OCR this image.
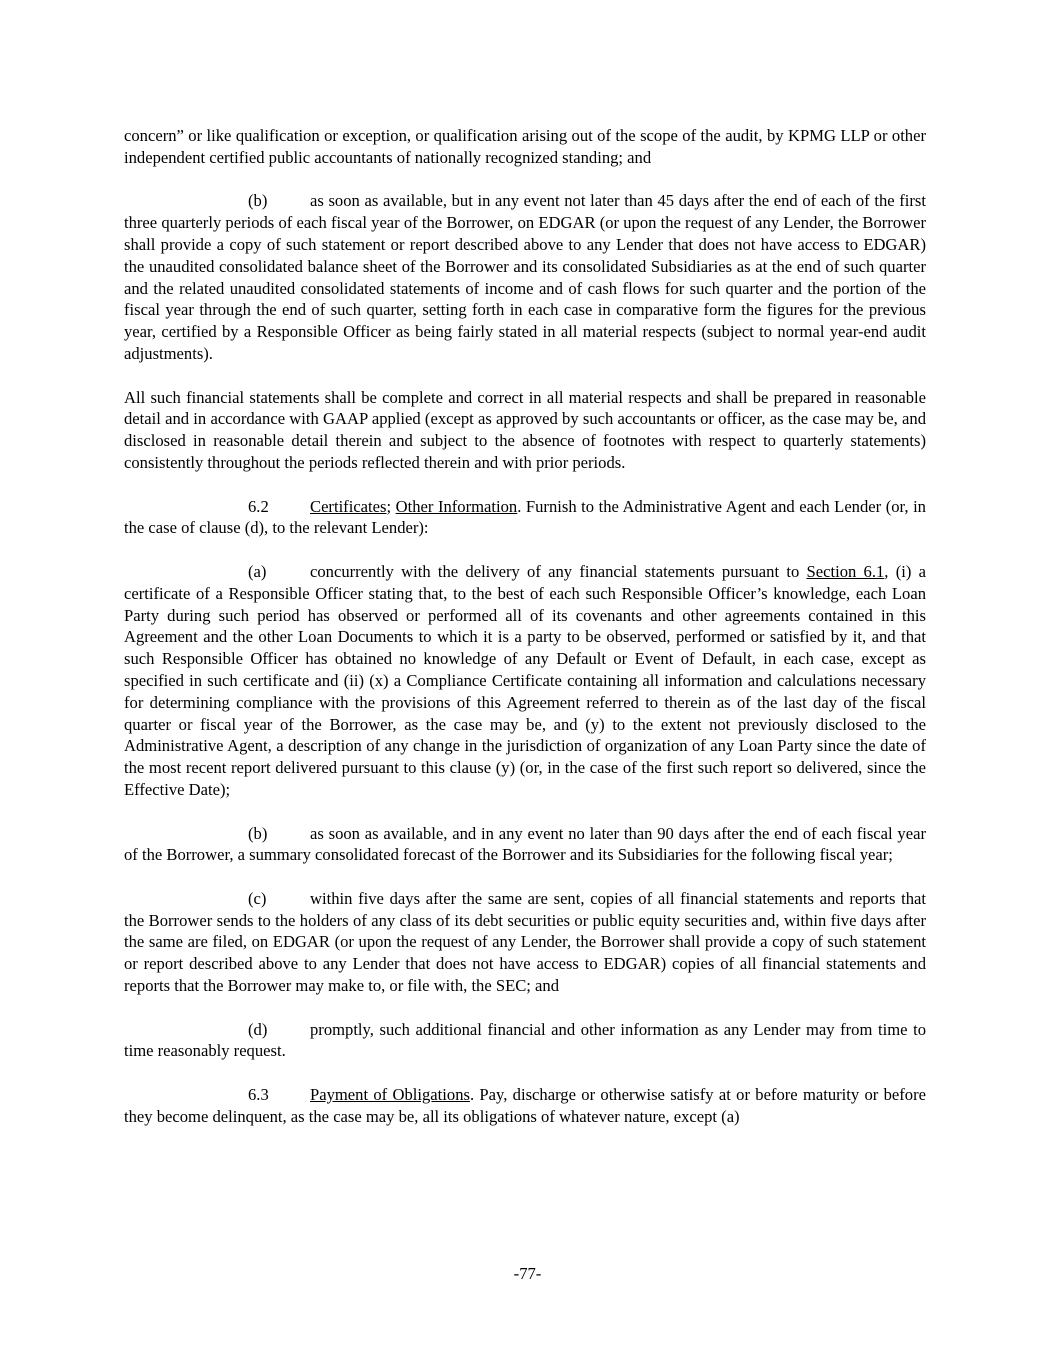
concern” or like qualification or exception, or qualification arising out of the scope of the audit, by KPMG LLP or other independent certified public accountants of nationally recognized standing; and

(b)	as soon as available, but in any event not later than 45 days after the end of each of the first three quarterly periods of each fiscal year of the Borrower, on EDGAR (or upon the request of any Lender, the Borrower shall provide a copy of such statement or report described above to any Lender that does not have access to EDGAR) the unaudited consolidated balance sheet of the Borrower and its consolidated Subsidiaries as at the end of such quarter and the related unaudited consolidated statements of income and of cash flows for such quarter and the portion of the fiscal year through the end of such quarter, setting forth in each case in comparative form the figures for the previous year, certified by a Responsible Officer as being fairly stated in all material respects (subject to normal year-end audit adjustments).

All such financial statements shall be complete and correct in all material respects and shall be prepared in reasonable detail and in accordance with GAAP applied (except as approved by such accountants or officer, as the case may be, and disclosed in reasonable detail therein and subject to the absence of footnotes with respect to quarterly statements) consistently throughout the periods reflected therein and with prior periods.

6.2 Certificates; Other Information. Furnish to the Administrative Agent and each Lender (or, in the case of clause (d), to the relevant Lender):

(a)	concurrently with the delivery of any financial statements pursuant to Section 6.1, (i) a certificate of a Responsible Officer stating that, to the best of each such Responsible Officer’s knowledge, each Loan Party during such period has observed or performed all of its covenants and other agreements contained in this Agreement and the other Loan Documents to which it is a party to be observed, performed or satisfied by it, and that such Responsible Officer has obtained no knowledge of any Default or Event of Default, in each case, except as specified in such certificate and (ii) (x) a Compliance Certificate containing all information and calculations necessary for determining compliance with the provisions of this Agreement referred to therein as of the last day of the fiscal quarter or fiscal year of the Borrower, as the case may be, and (y) to the extent not previously disclosed to the Administrative Agent, a description of any change in the jurisdiction of organization of any Loan Party since the date of the most recent report delivered pursuant to this clause (y) (or, in the case of the first such report so delivered, since the Effective Date);

(b)	as soon as available, and in any event no later than 90 days after the end of each fiscal year of the Borrower, a summary consolidated forecast of the Borrower and its Subsidiaries for the following fiscal year;

(c)	within five days after the same are sent, copies of all financial statements and reports that the Borrower sends to the holders of any class of its debt securities or public equity securities and, within five days after the same are filed, on EDGAR (or upon the request of any Lender, the Borrower shall provide a copy of such statement or report described above to any Lender that does not have access to EDGAR) copies of all financial statements and reports that the Borrower may make to, or file with, the SEC; and

(d)	promptly, such additional financial and other information as any Lender may from time to time reasonably request.

6.3 Payment of Obligations. Pay, discharge or otherwise satisfy at or before maturity or before they become delinquent, as the case may be, all its obligations of whatever nature, except (a)

-77-
